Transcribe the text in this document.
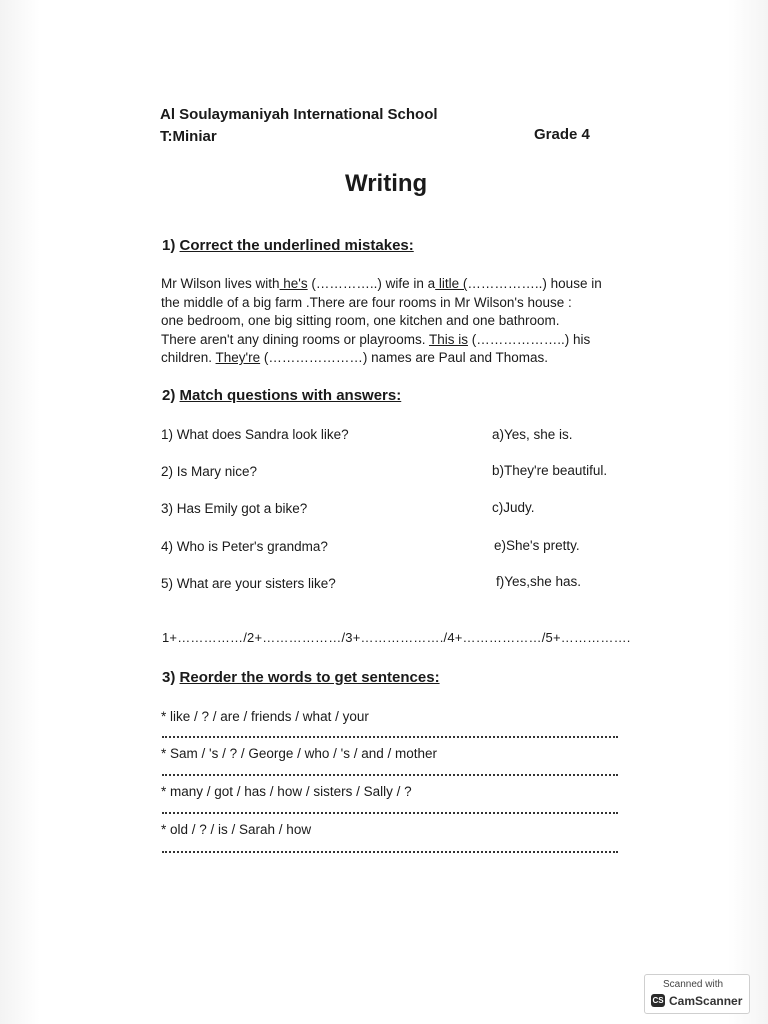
Al Soulaymaniyah International School
T:Miniar	Grade 4
Writing
1) Correct the underlined mistakes:
Mr Wilson lives with he's (…………..) wife in a litle (……………..) house in
the middle of a big farm .There are four rooms in Mr Wilson's house :
one bedroom, one big sitting room, one kitchen and one bathroom.
There aren't any dining rooms or playrooms. This is (………………..) his
children. They're (…………………) names are Paul and Thomas.
2) Match questions with answers:
1) What does Sandra look like?
2) Is Mary nice?
3) Has Emily got a bike?
4) Who is Peter's grandma?
5) What are your sisters like?
a)Yes, she is.
b)They're beautiful.
c)Judy.
e)She's pretty.
f)Yes,she has.
1+……………/2+………………/3+………………./4+………………/5+…………….
3) Reorder the words to get sentences:
* like / ? / are / friends / what / your
* Sam / 's / ? / George / who / 's / and / mother
* many / got / has / how / sisters / Sally / ?
* old / ? / is / Sarah / how
Scanned with
CS CamScanner
